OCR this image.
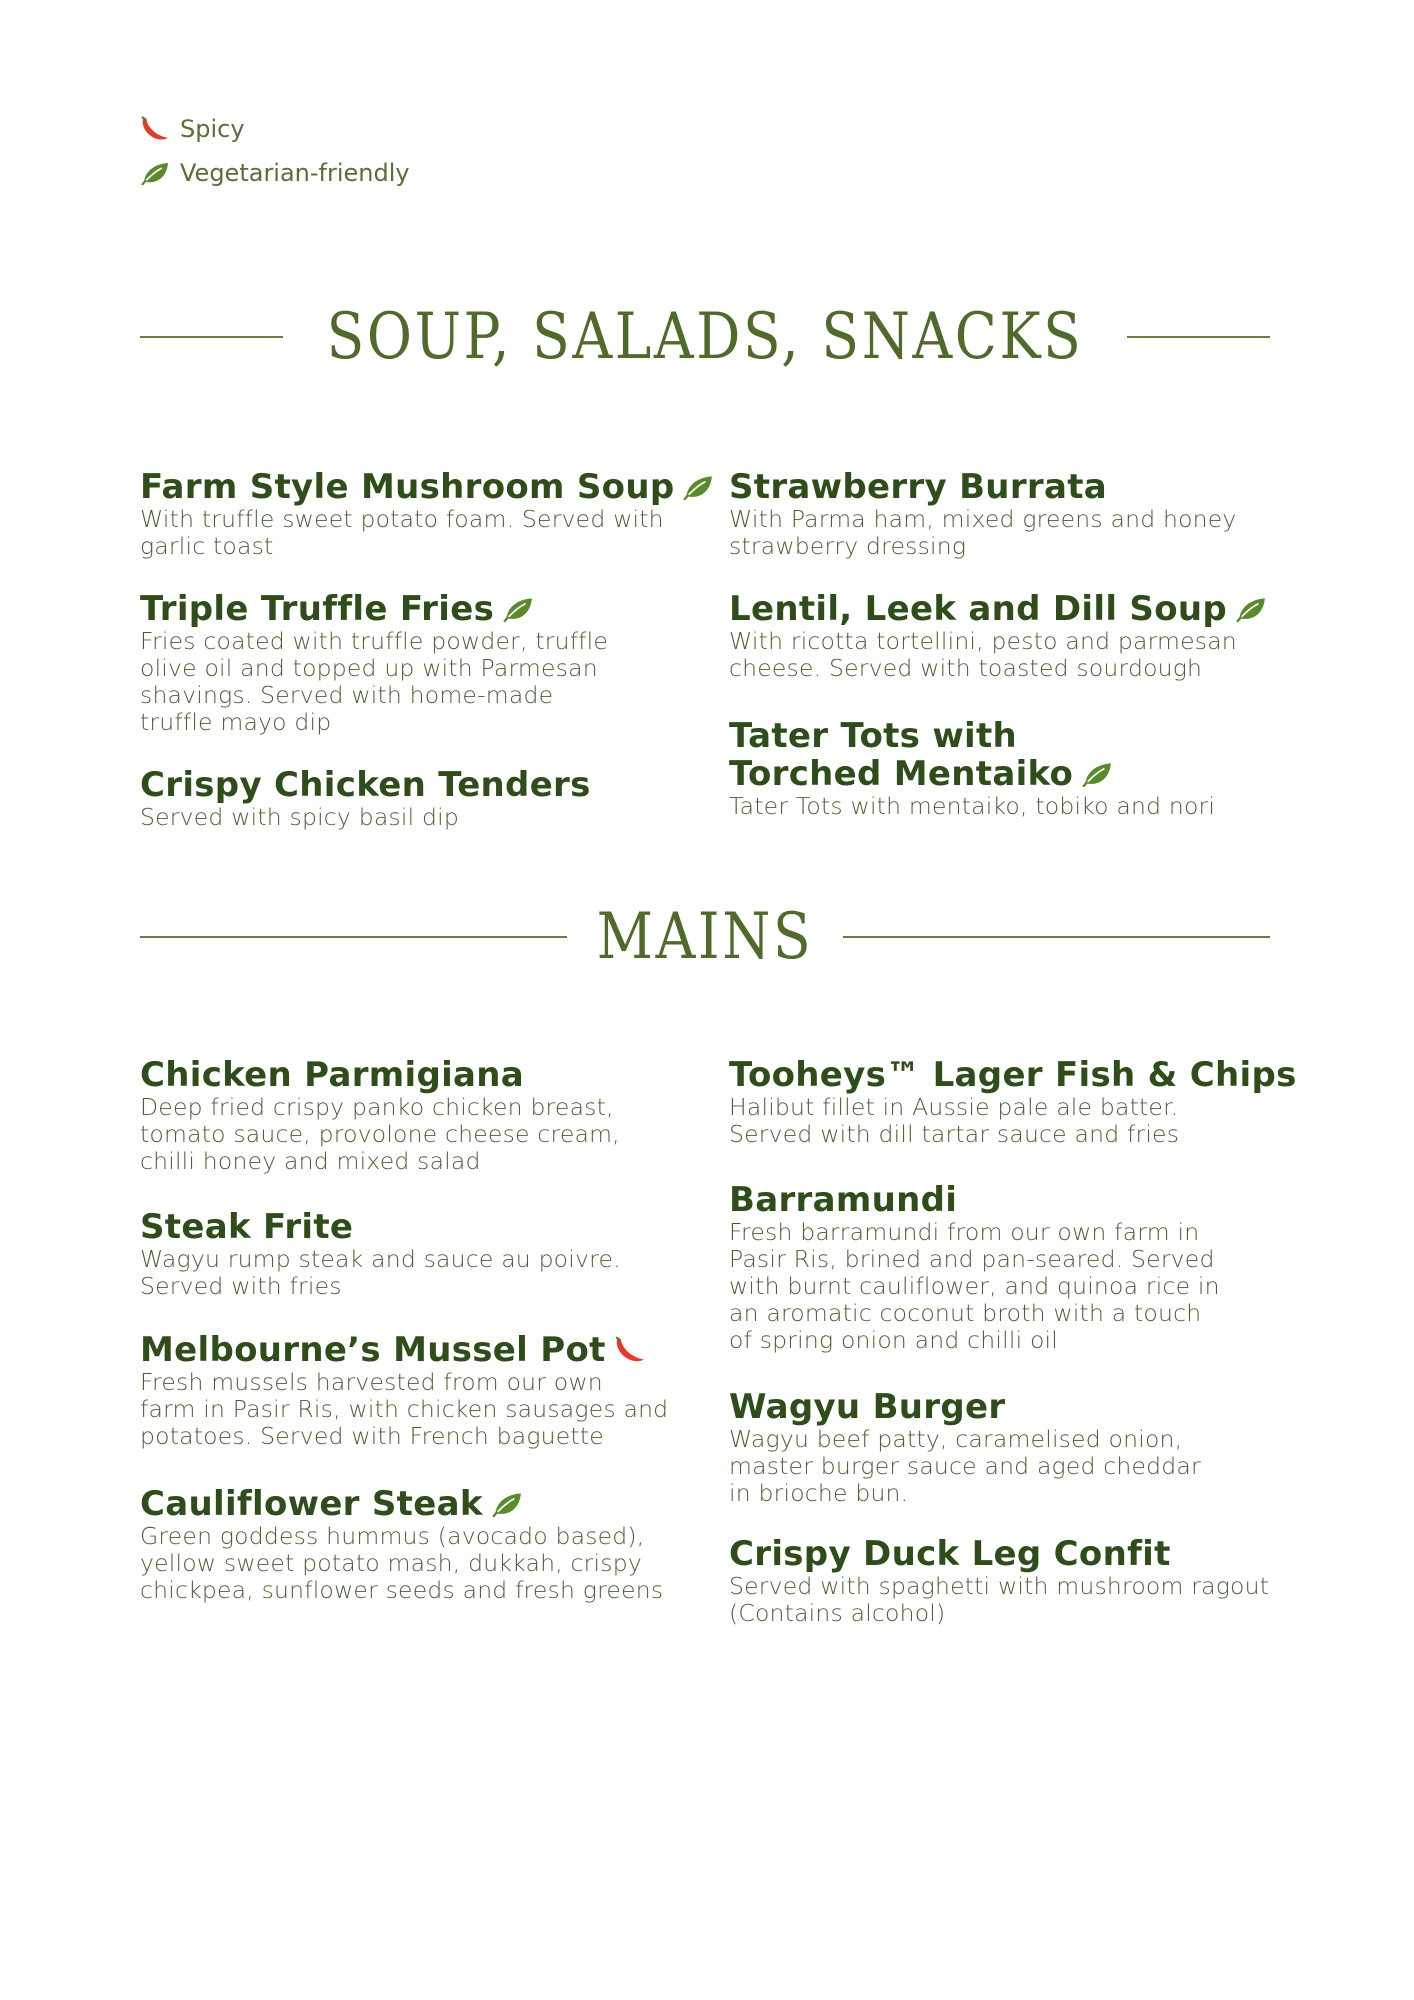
Spicy
Vegetarian-friendly
SOUP, SALADS, SNACKS
Farm Style Mushroom Soup
With truffle sweet potato foam. Served with
garlic toast
Triple Truffle Fries
Fries coated with truffle powder, truffle
olive oil and topped up with Parmesan
shavings. Served with home-made
truffle mayo dip
Crispy Chicken Tenders
Served with spicy basil dip
Strawberry Burrata
With Parma ham, mixed greens and honey
strawberry dressing
Lentil, Leek and Dill Soup
With ricotta tortellini, pesto and parmesan
cheese. Served with toasted sourdough
Tater Tots with
Torched Mentaiko
Tater Tots with mentaiko, tobiko and nori
MAINS
Chicken Parmigiana
Deep fried crispy panko chicken breast,
tomato sauce, provolone cheese cream,
chilli honey and mixed salad
Steak Frite
Wagyu rump steak and sauce au poivre.
Served with fries
Melbourne’s Mussel Pot
Fresh mussels harvested from our own
farm in Pasir Ris, with chicken sausages and
potatoes. Served with French baguette
Cauliflower Steak
Green goddess hummus (avocado based),
yellow sweet potato mash, dukkah, crispy
chickpea, sunflower seeds and fresh greens
Tooheys™ Lager Fish & Chips
Halibut fillet in Aussie pale ale batter.
Served with dill tartar sauce and fries
Barramundi
Fresh barramundi from our own farm in
Pasir Ris, brined and pan-seared. Served
with burnt cauliflower, and quinoa rice in
an aromatic coconut broth with a touch
of spring onion and chilli oil
Wagyu Burger
Wagyu beef patty, caramelised onion,
master burger sauce and aged cheddar
in brioche bun.
Crispy Duck Leg Confit
Served with spaghetti with mushroom ragout
(Contains alcohol)
